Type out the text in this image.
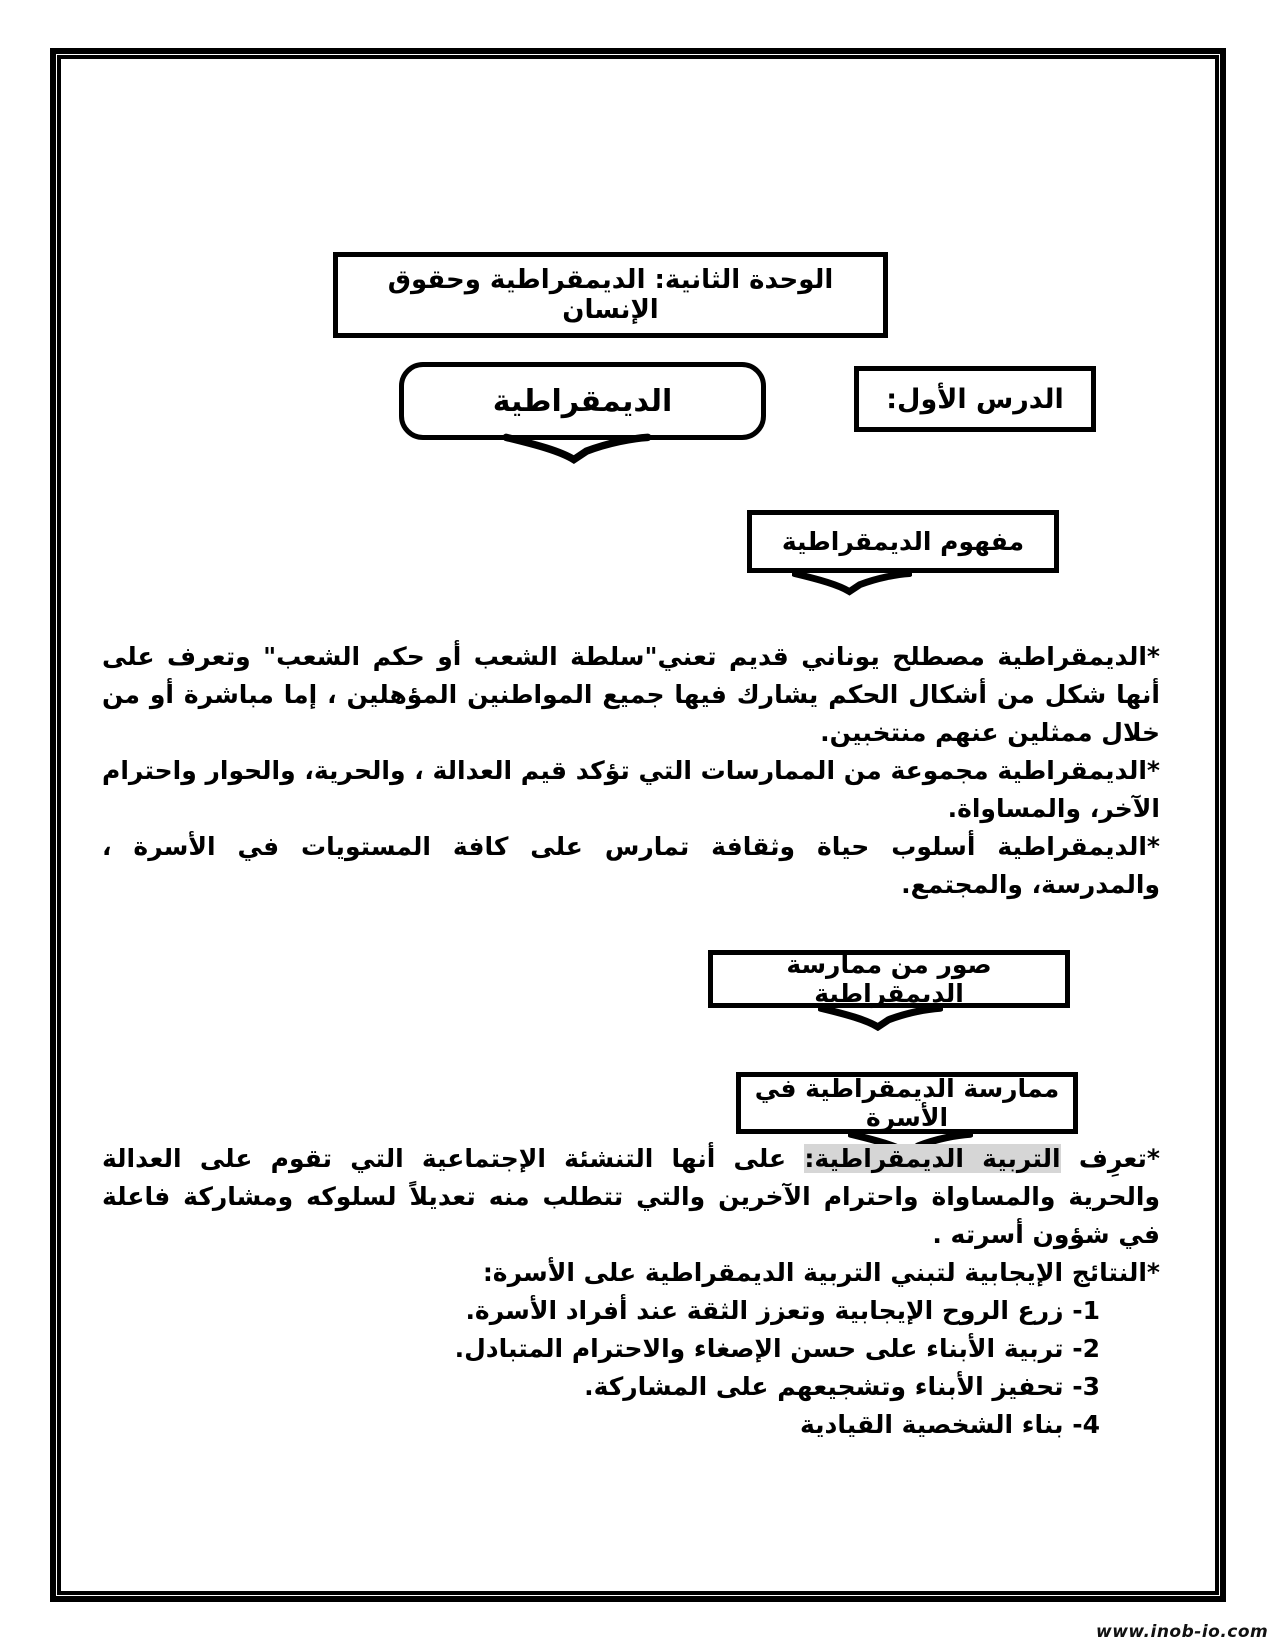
الوحدة الثانية: الديمقراطية وحقوق الإنسان
الديمقراطية	الدرس الأول:
مفهوم الديمقراطية

*الديمقراطية مصطلح يوناني قديم تعني"سلطة الشعب أو حكم الشعب" وتعرف على أنها شكل من أشكال الحكم يشارك فيها جميع المواطنين المؤهلين ، إما مباشرة أو من خلال ممثلين عنهم منتخبين.

*الديمقراطية مجموعة من الممارسات التي تؤكد قيم العدالة ، والحرية، والحوار واحترام الآخر، والمساواة.

*الديمقراطية أسلوب حياة وثقافة تمارس على كافة المستويات في الأسرة ، والمدرسة، والمجتمع.

صور من ممارسة الديمقراطية
ممارسة الديمقراطية في الأسرة

*تعرِف التربية الديمقراطية: على أنها التنشئة الإجتماعية التي تقوم على العدالة والحرية والمساواة واحترام الآخرين والتي تتطلب منه تعديلاً لسلوكه ومشاركة فاعلة في شؤون أسرته .

*النتائج الإيجابية لتبني التربية الديمقراطية على الأسرة:

1- زرع الروح الإيجابية وتعزز الثقة عند أفراد الأسرة.

2- تربية الأبناء على حسن الإصغاء والاحترام المتبادل.

3- تحفيز الأبناء وتشجيعهم على المشاركة.

4- بناء الشخصية القيادية

www.inob-io.com
